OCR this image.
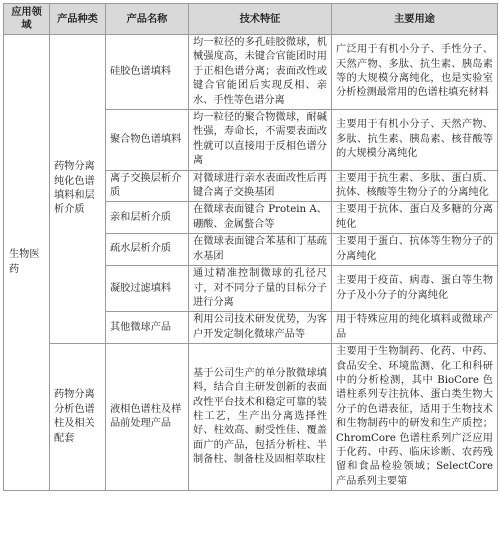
应用领域	产品种类	产品名称	技术特征	主要用途
生物医药	药物分离纯化色谱填料和层析介质	硅胶色谱填料	均一粒径的多孔硅胶微球，机械强度高，未键合官能团时用于正相色谱分离；表面改性或键合官能团后实现反相、亲水、手性等色谱分离	广泛用于有机小分子、手性分子、天然产物、多肽、抗生素、胰岛素等的大规模分离纯化，也是实验室分析检测最常用的色谱柱填充材料
		聚合物色谱填料	均一粒径的聚合物微球，耐碱性强，寿命长，不需要表面改性就可以直接用于反相色谱分离	主要用于有机小分子、天然产物、多肽、抗生素、胰岛素、核苷酸等的大规模分离纯化
		离子交换层析介质	对微球进行亲水表面改性后再键合离子交换基团	主要用于抗生素、多肽、蛋白质、抗体、核酸等生物分子的分离纯化
		亲和层析介质	在微球表面键合 Protein A、硼酸、金属螯合等	主要用于抗体、蛋白及多糖的分离纯化
		疏水层析介质	在微球表面键合苯基和丁基疏水基团	主要用于蛋白、抗体等生物分子的分离纯化
		凝胶过滤填料	通过精准控制微球的孔径尺寸，对不同分子量的目标分子进行分离	主要用于疫苗、病毒、蛋白等生物分子及小分子的分离纯化
		其他微球产品	利用公司技术研发优势，为客户开发定制化微球产品等	用于特殊应用的纯化填料或微球产品
	药物分离分析色谱柱及相关配套	液相色谱柱及样品前处理产品	基于公司生产的单分散微球填料，结合自主研发创新的表面改性平台技术和稳定可靠的装柱工艺，生产出分离选择性好、柱效高、耐受性佳、覆盖面广的产品，包括分析柱、半制备柱、制备柱及固相萃取柱	主要用于生物制药、化药、中药、食品安全、环境监测、化工和科研中的分析检测，其中 BioCore 色谱柱系列专注抗体、蛋白类生物大分子的色谱表征，适用于生物技术和生物制药中的研发和生产质控；ChromCore 色谱柱系列广泛应用于化药、中药、临床诊断、农药残留和食品检验领域；SelectCore 产品系列主要第
